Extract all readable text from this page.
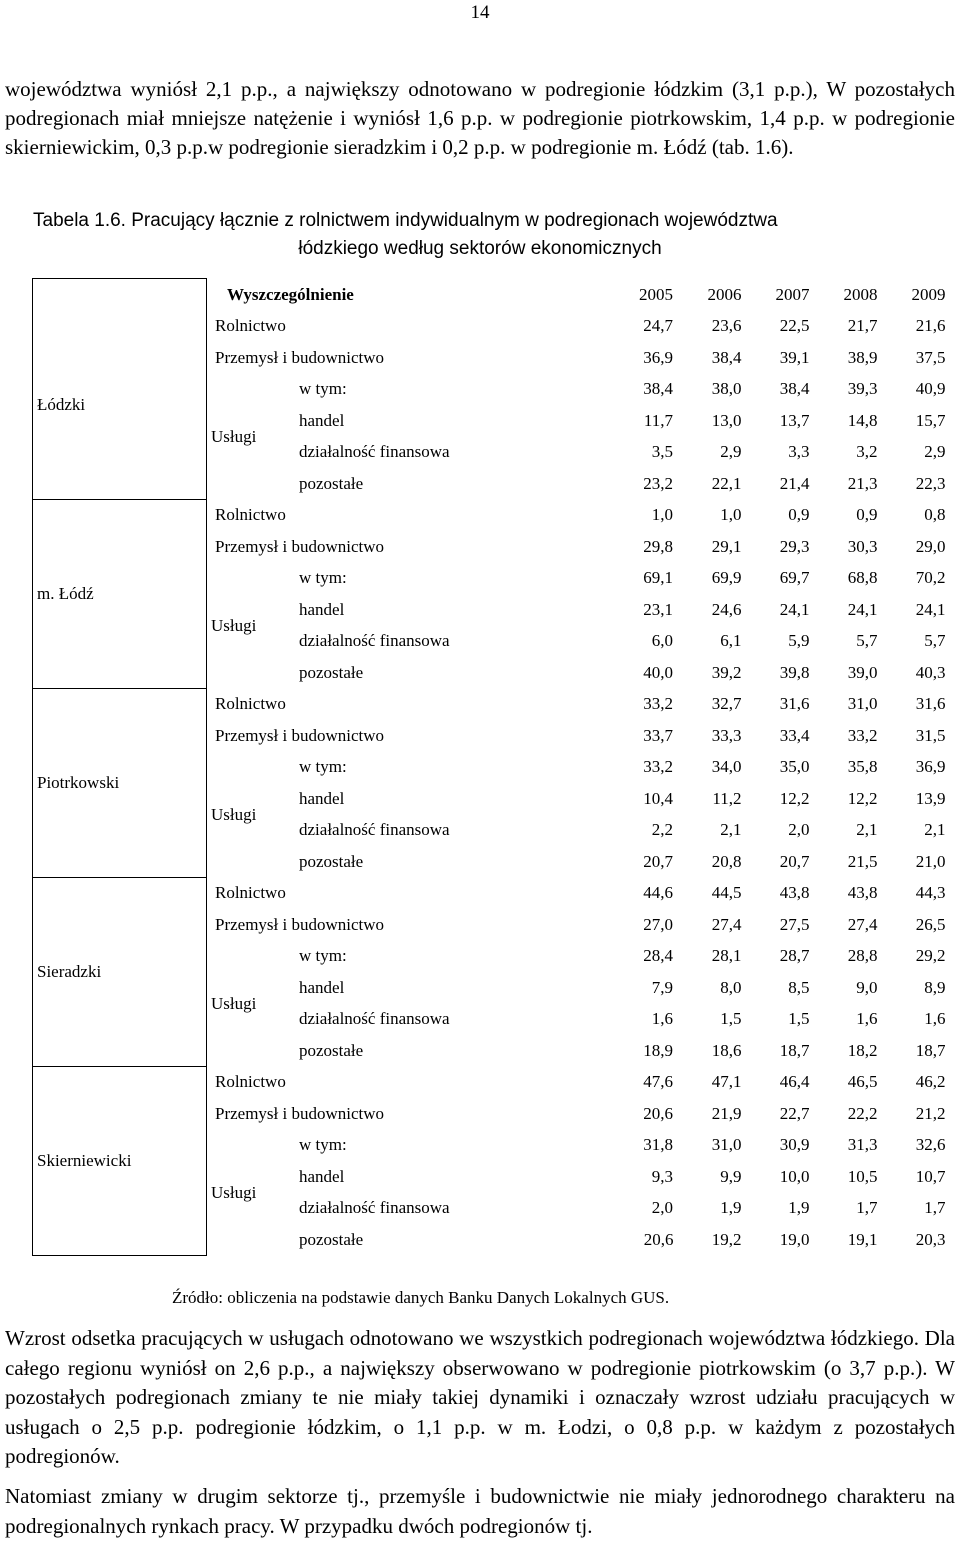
14

województwa wyniósł 2,1 p.p., a największy odnotowano w podregionie łódzkim (3,1 p.p.), W pozostałych podregionach miał mniejsze natężenie i wyniósł 1,6 p.p. w podregionie piotrkowskim, 1,4 p.p. w podregionie skierniewickim, 0,3 p.p.w podregionie sieradzkim i 0,2 p.p. w podregionie m. Łódź (tab. 1.6).

Tabela 1.6. Pracujący łącznie z rolnictwem indywidualnym w podregionach województwa
łódzkiego według sektorów ekonomicznych
	Wyszczególnienie		2005	2006	2007	2008	2009
Łódzki	Rolnictwo		24,7	23,6	22,5	21,7	21,6
	Przemysł i budownictwo		36,9	38,4	39,1	38,9	37,5
	Usługi	w tym:	38,4	38,0	38,4	39,3	40,9
		handel	11,7	13,0	13,7	14,8	15,7
		działalność finansowa	3,5	2,9	3,3	3,2	2,9
		pozostałe	23,2	22,1	21,4	21,3	22,3
m. Łódź	Rolnictwo		1,0	1,0	0,9	0,9	0,8
	Przemysł i budownictwo		29,8	29,1	29,3	30,3	29,0
	Usługi	w tym:	69,1	69,9	69,7	68,8	70,2
		handel	23,1	24,6	24,1	24,1	24,1
		działalność finansowa	6,0	6,1	5,9	5,7	5,7
		pozostałe	40,0	39,2	39,8	39,0	40,3
Piotrkowski	Rolnictwo		33,2	32,7	31,6	31,0	31,6
	Przemysł i budownictwo		33,7	33,3	33,4	33,2	31,5
	Usługi	w tym:	33,2	34,0	35,0	35,8	36,9
		handel	10,4	11,2	12,2	12,2	13,9
		działalność finansowa	2,2	2,1	2,0	2,1	2,1
		pozostałe	20,7	20,8	20,7	21,5	21,0
Sieradzki	Rolnictwo		44,6	44,5	43,8	43,8	44,3
	Przemysł i budownictwo		27,0	27,4	27,5	27,4	26,5
	Usługi	w tym:	28,4	28,1	28,7	28,8	29,2
		handel	7,9	8,0	8,5	9,0	8,9
		działalność finansowa	1,6	1,5	1,5	1,6	1,6
		pozostałe	18,9	18,6	18,7	18,2	18,7
Skierniewicki	Rolnictwo		47,6	47,1	46,4	46,5	46,2
	Przemysł i budownictwo		20,6	21,9	22,7	22,2	21,2
	Usługi	w tym:	31,8	31,0	30,9	31,3	32,6
		handel	9,3	9,9	10,0	10,5	10,7
		działalność finansowa	2,0	1,9	1,9	1,7	1,7
		pozostałe	20,6	19,2	19,0	19,1	20,3
Źródło: obliczenia na podstawie danych Banku Danych Lokalnych GUS.

Wzrost odsetka pracujących w usługach odnotowano we wszystkich podregionach województwa łódzkiego. Dla całego regionu wyniósł on 2,6 p.p., a największy obserwowano w podregionie piotrkowskim (o 3,7 p.p.). W pozostałych podregionach zmiany te nie miały takiej dynamiki i oznaczały wzrost udziału pracujących w usługach o 2,5 p.p. podregionie łódzkim, o 1,1 p.p. w m. Łodzi, o 0,8 p.p. w każdym z pozostałych podregionów.

Natomiast zmiany w drugim sektorze tj., przemyśle i budownictwie nie miały jednorodnego charakteru na podregionalnych rynkach pracy. W przypadku dwóch podregionów tj.
